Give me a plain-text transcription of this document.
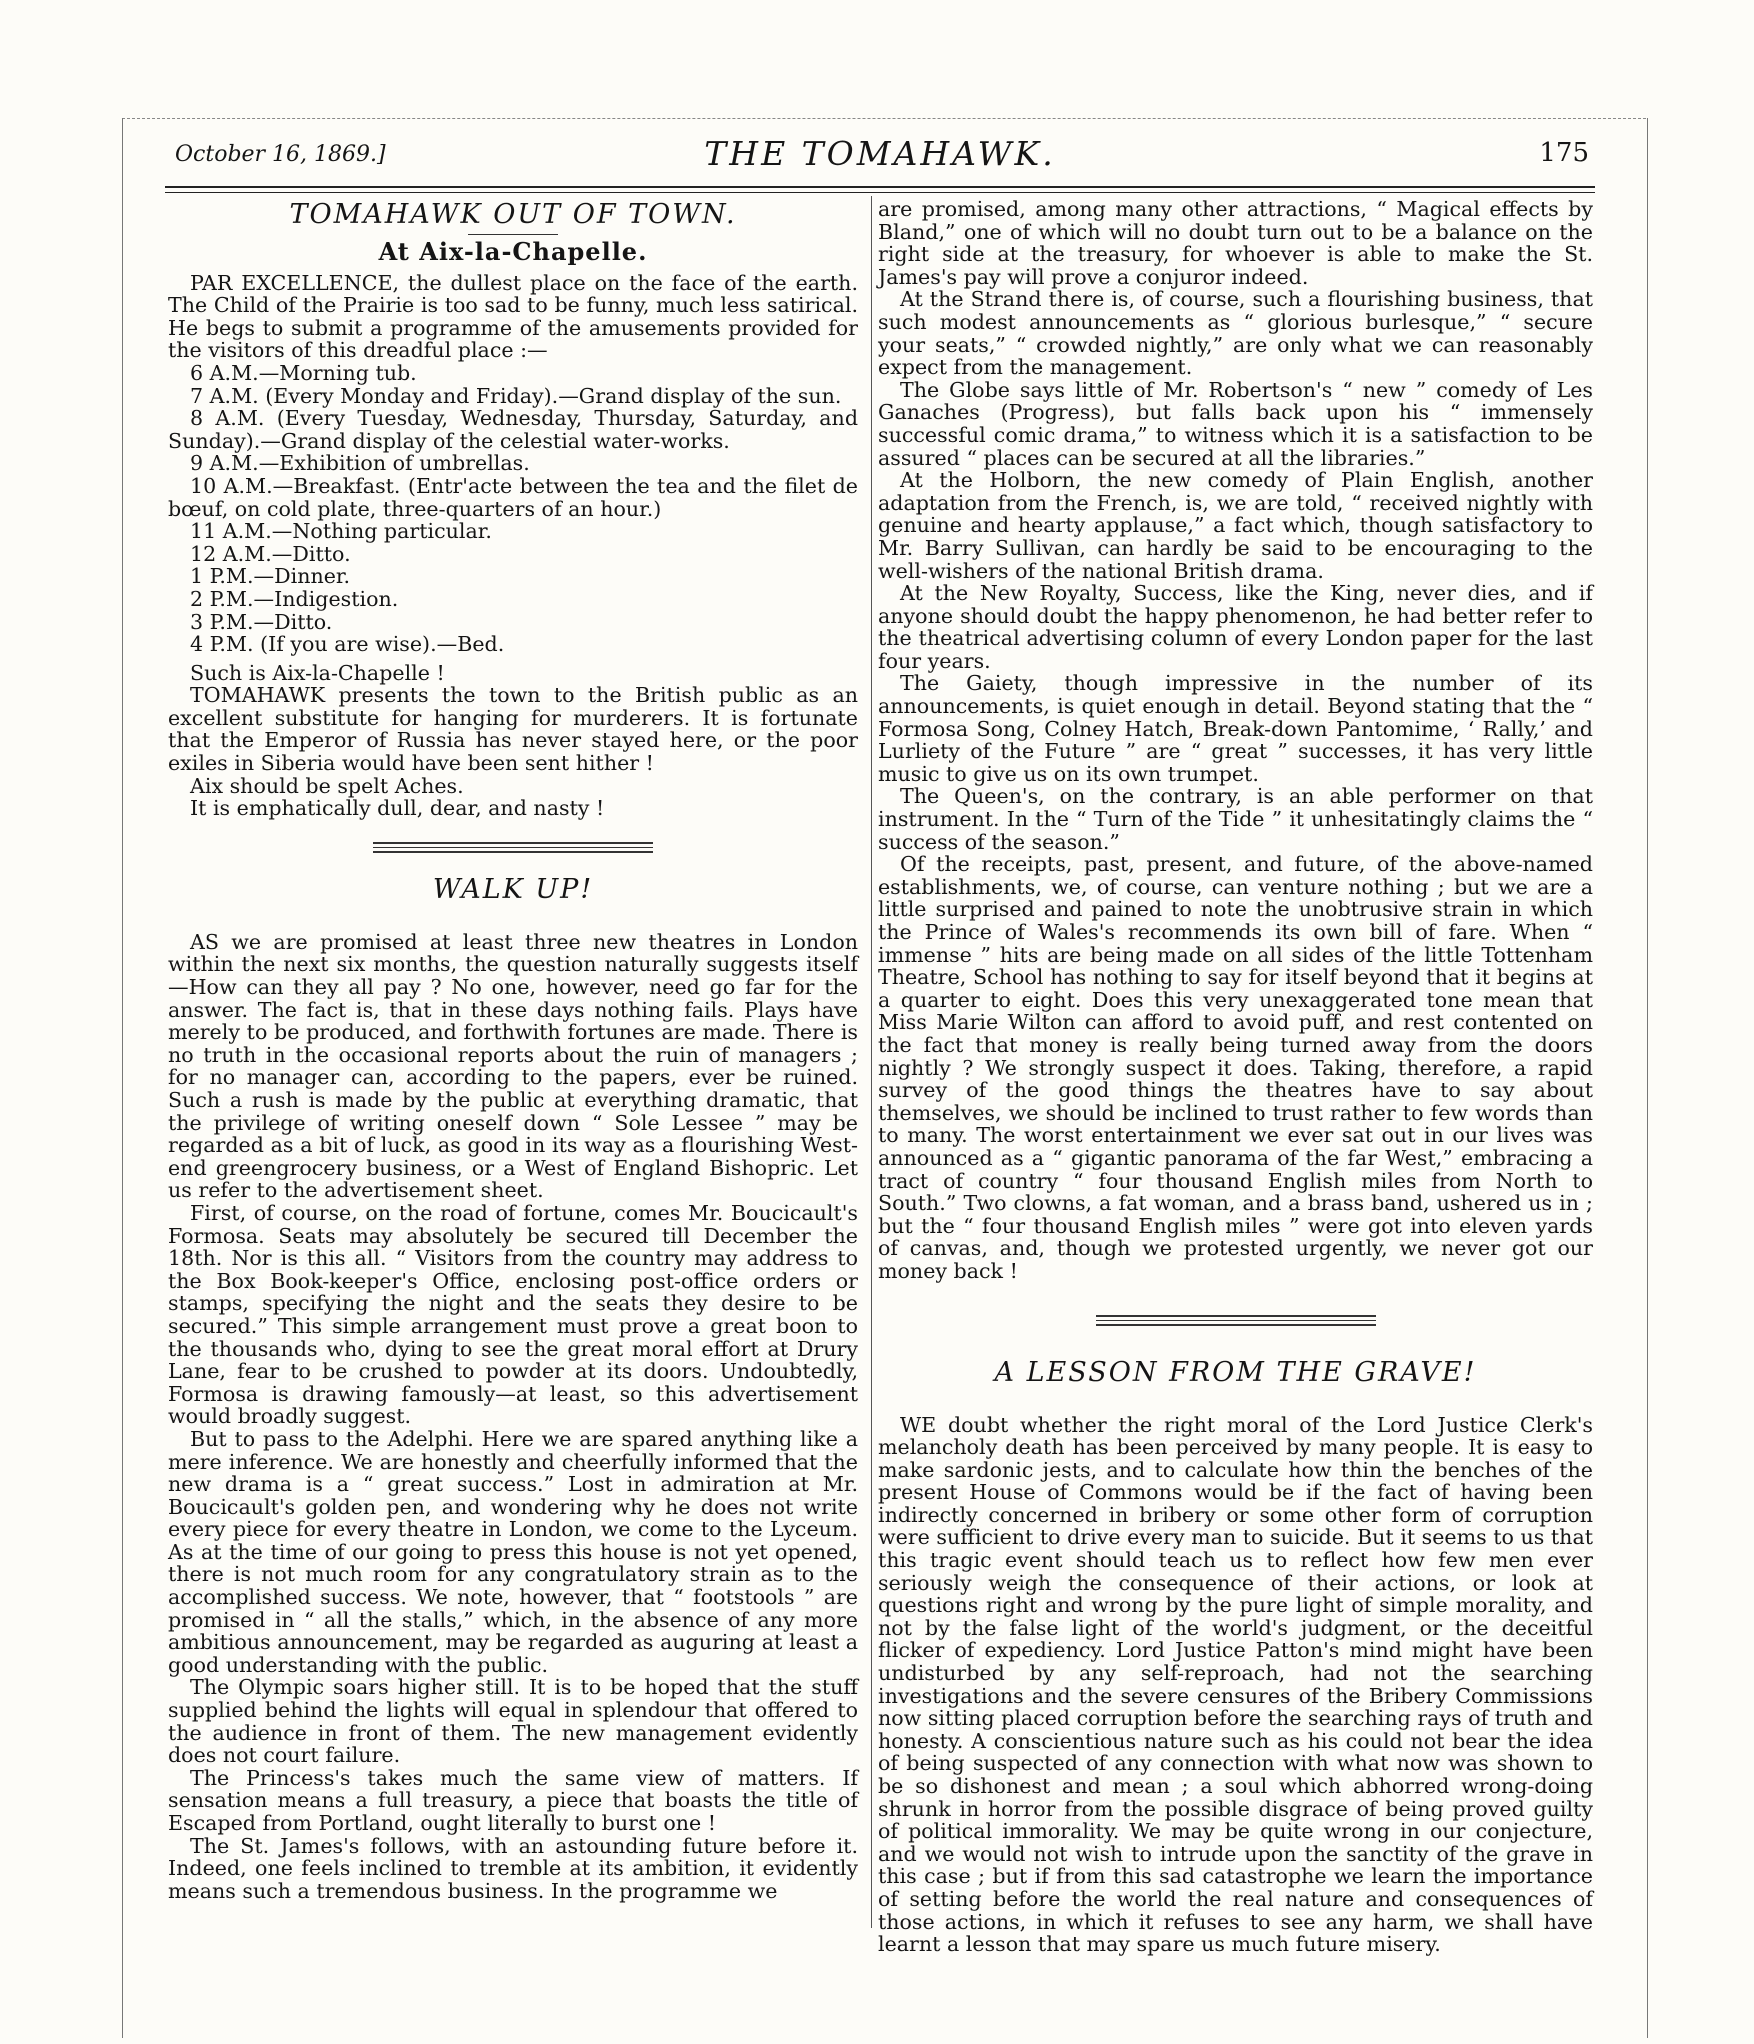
October 16, 1869.]	THE TOMAHAWK.	175
TOMAHAWK OUT OF TOWN.
At Aix-la-Chapelle.

PAR EXCELLENCE, the dullest place on the face of the earth. The Child of the Prairie is too sad to be funny, much less satirical. He begs to submit a programme of the amusements provided for the visitors of this dreadful place :—

6 A.M.—Morning tub.

7 A.M. (Every Monday and Friday).—Grand display of the sun.

8 A.M. (Every Tuesday, Wednesday, Thursday, Saturday, and Sunday).—Grand display of the celestial water-works.

9 A.M.—Exhibition of umbrellas.

10 A.M.—Breakfast. (Entr'acte between the tea and the filet de bœuf, on cold plate, three-quarters of an hour.)

11 A.M.—Nothing particular.

12 A.M.—Ditto.

1 P.M.—Dinner.

2 P.M.—Indigestion.

3 P.M.—Ditto.

4 P.M. (If you are wise).—Bed.

Such is Aix-la-Chapelle !

TOMAHAWK presents the town to the British public as an excellent substitute for hanging for murderers. It is fortunate that the Emperor of Russia has never stayed here, or the poor exiles in Siberia would have been sent hither !

Aix should be spelt Aches.

It is emphatically dull, dear, and nasty !

WALK UP!

AS we are promised at least three new theatres in London within the next six months, the question naturally suggests itself—How can they all pay ? No one, however, need go far for the answer. The fact is, that in these days nothing fails. Plays have merely to be produced, and forthwith fortunes are made. There is no truth in the occasional reports about the ruin of managers ; for no manager can, according to the papers, ever be ruined. Such a rush is made by the public at everything dramatic, that the privilege of writing oneself down “ Sole Lessee ” may be regarded as a bit of luck, as good in its way as a flourishing West-end greengrocery business, or a West of England Bishopric. Let us refer to the advertisement sheet.

First, of course, on the road of fortune, comes Mr. Boucicault's Formosa. Seats may absolutely be secured till December the 18th. Nor is this all. “ Visitors from the country may address to the Box Book-keeper's Office, enclosing post-office orders or stamps, specifying the night and the seats they desire to be secured.” This simple arrangement must prove a great boon to the thousands who, dying to see the great moral effort at Drury Lane, fear to be crushed to powder at its doors. Undoubtedly, Formosa is drawing famously—at least, so this advertisement would broadly suggest.

But to pass to the Adelphi. Here we are spared anything like a mere inference. We are honestly and cheerfully informed that the new drama is a “ great success.” Lost in admiration at Mr. Boucicault's golden pen, and wondering why he does not write every piece for every theatre in London, we come to the Lyceum. As at the time of our going to press this house is not yet opened, there is not much room for any congratulatory strain as to the accomplished success. We note, however, that “ footstools ” are promised in “ all the stalls,” which, in the absence of any more ambitious announcement, may be regarded as auguring at least a good understanding with the public.

The Olympic soars higher still. It is to be hoped that the stuff supplied behind the lights will equal in splendour that offered to the audience in front of them. The new management evidently does not court failure.

The Princess's takes much the same view of matters. If sensation means a full treasury, a piece that boasts the title of Escaped from Portland, ought literally to burst one !

The St. James's follows, with an astounding future before it. Indeed, one feels inclined to tremble at its ambition, it evidently means such a tremendous business. In the programme we

are promised, among many other attractions, “ Magical effects by Bland,” one of which will no doubt turn out to be a balance on the right side at the treasury, for whoever is able to make the St. James's pay will prove a conjuror indeed.

At the Strand there is, of course, such a flourishing business, that such modest announcements as “ glorious burlesque,” “ secure your seats,” “ crowded nightly,” are only what we can reasonably expect from the management.

The Globe says little of Mr. Robertson's “ new ” comedy of Les Ganaches (Progress), but falls back upon his “ immensely successful comic drama,” to witness which it is a satisfaction to be assured “ places can be secured at all the libraries.”

At the Holborn, the new comedy of Plain English, another adaptation from the French, is, we are told, “ received nightly with genuine and hearty applause,” a fact which, though satisfactory to Mr. Barry Sullivan, can hardly be said to be encouraging to the well-wishers of the national British drama.

At the New Royalty, Success, like the King, never dies, and if anyone should doubt the happy phenomenon, he had better refer to the theatrical advertising column of every London paper for the last four years.

The Gaiety, though impressive in the number of its announcements, is quiet enough in detail. Beyond stating that the “ Formosa Song, Colney Hatch, Break-down Pantomime, ‘ Rally,’ and Lurliety of the Future ” are “ great ” successes, it has very little music to give us on its own trumpet.

The Queen's, on the contrary, is an able performer on that instrument. In the “ Turn of the Tide ” it unhesitatingly claims the “ success of the season.”

Of the receipts, past, present, and future, of the above-named establishments, we, of course, can venture nothing ; but we are a little surprised and pained to note the unobtrusive strain in which the Prince of Wales's recommends its own bill of fare. When “ immense ” hits are being made on all sides of the little Tottenham Theatre, School has nothing to say for itself beyond that it begins at a quarter to eight. Does this very unexaggerated tone mean that Miss Marie Wilton can afford to avoid puff, and rest contented on the fact that money is really being turned away from the doors nightly ? We strongly suspect it does. Taking, therefore, a rapid survey of the good things the theatres have to say about themselves, we should be inclined to trust rather to few words than to many. The worst entertainment we ever sat out in our lives was announced as a “ gigantic panorama of the far West,” embracing a tract of country “ four thousand English miles from North to South.” Two clowns, a fat woman, and a brass band, ushered us in ; but the “ four thousand English miles ” were got into eleven yards of canvas, and, though we protested urgently, we never got our money back !

A LESSON FROM THE GRAVE!

WE doubt whether the right moral of the Lord Justice Clerk's melancholy death has been perceived by many people. It is easy to make sardonic jests, and to calculate how thin the benches of the present House of Commons would be if the fact of having been indirectly concerned in bribery or some other form of corruption were sufficient to drive every man to suicide. But it seems to us that this tragic event should teach us to reflect how few men ever seriously weigh the consequence of their actions, or look at questions right and wrong by the pure light of simple morality, and not by the false light of the world's judgment, or the deceitful flicker of expediency. Lord Justice Patton's mind might have been undisturbed by any self-reproach, had not the searching investigations and the severe censures of the Bribery Commissions now sitting placed corruption before the searching rays of truth and honesty. A conscientious nature such as his could not bear the idea of being suspected of any connection with what now was shown to be so dishonest and mean ; a soul which abhorred wrong-doing shrunk in horror from the possible disgrace of being proved guilty of political immorality. We may be quite wrong in our conjecture, and we would not wish to intrude upon the sanctity of the grave in this case ; but if from this sad catastrophe we learn the importance of setting before the world the real nature and consequences of those actions, in which it refuses to see any harm, we shall have learnt a lesson that may spare us much future misery.
